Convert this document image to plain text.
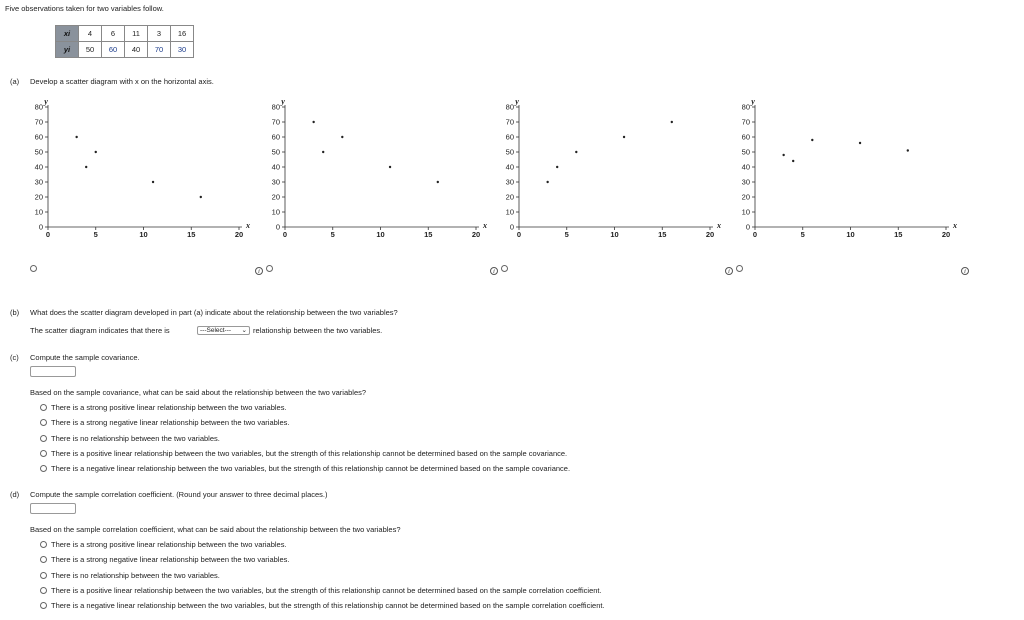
Five observations taken for two variables follow.
xi	4	6	11	3	16
yi	50	60	40	70	30
(a) Develop a scatter diagram with x on the horizontal axis.
0
10
20
30
40
50
60
70
80
0	5	10	15	20
y
x	0
10
20
30
40
50
60
70
80
0	5	10	15	20
y
x	0
10
20
30
40
50
60
70
80
0	5	10	15	20
y
x	0
10
20
30
40
50
60
70
80
0	5	10	15	20
y
x
i	i	i	i
(b) What does the scatter diagram developed in part (a) indicate about the relationship between the two variables?
The scatter diagram indicates that there is	---Select--- ⌄ relationship between the two variables.
(c) Compute the sample covariance.
Based on the sample covariance, what can be said about the relationship between the two variables?
There is a strong positive linear relationship between the two variables.
There is a strong negative linear relationship between the two variables.
There is no relationship between the two variables.
There is a positive linear relationship between the two variables, but the strength of this relationship cannot be determined based on the sample covariance.
There is a negative linear relationship between the two variables, but the strength of this relationship cannot be determined based on the sample covariance.
(d) Compute the sample correlation coefficient. (Round your answer to three decimal places.)
Based on the sample correlation coefficient, what can be said about the relationship between the two variables?
There is a strong positive linear relationship between the two variables.
There is a strong negative linear relationship between the two variables.
There is no relationship between the two variables.
There is a positive linear relationship between the two variables, but the strength of this relationship cannot be determined based on the sample correlation coefficient.
There is a negative linear relationship between the two variables, but the strength of this relationship cannot be determined based on the sample correlation coefficient.
